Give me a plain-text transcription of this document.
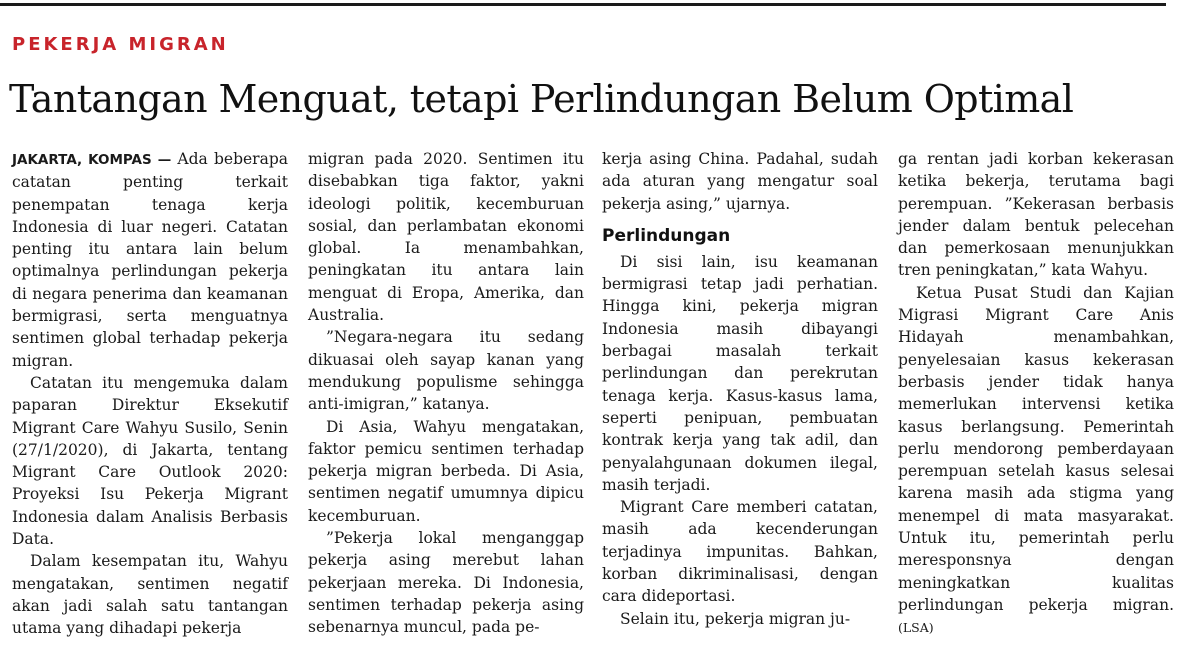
PEKERJA MIGRAN
Tantangan Menguat, tetapi Perlindungan Belum Optimal

JAKARTA, KOMPAS — Ada beberapa catatan penting terkait penempatan tenaga kerja Indonesia di luar negeri. Catatan penting itu antara lain belum optimalnya perlindungan pekerja di negara penerima dan keamanan bermigrasi, serta menguatnya sentimen global terhadap pekerja migran.

Catatan itu mengemuka dalam paparan Direktur Eksekutif Migrant Care Wahyu Susilo, Senin (27/1/2020), di Jakarta, tentang Migrant Care Outlook 2020: Proyeksi Isu Pekerja Migrant Indonesia dalam Analisis Berbasis Data.

Dalam kesempatan itu, Wahyu mengatakan, sentimen negatif akan jadi salah satu tantangan utama yang dihadapi pekerja

migran pada 2020. Sentimen itu disebabkan tiga faktor, yakni ideologi politik, kecemburuan sosial, dan perlambatan ekonomi global. Ia menambahkan, peningkatan itu antara lain menguat di Eropa, Amerika, dan Australia.

”Negara-negara itu sedang dikuasai oleh sayap kanan yang mendukung populisme sehingga anti-imigran,” katanya.

Di Asia, Wahyu mengatakan, faktor pemicu sentimen terhadap pekerja migran berbeda. Di Asia, sentimen negatif umumnya dipicu kecemburuan.

”Pekerja lokal menganggap pekerja asing merebut lahan pekerjaan mereka. Di Indonesia, sentimen terhadap pekerja asing sebenarnya muncul, pada pe-

kerja asing China. Padahal, sudah ada aturan yang mengatur soal pekerja asing,” ujarnya.

Perlindungan

Di sisi lain, isu keamanan bermigrasi tetap jadi perhatian. Hingga kini, pekerja migran Indonesia masih dibayangi berbagai masalah terkait perlindungan dan perekrutan tenaga kerja. Kasus-kasus lama, seperti penipuan, pembuatan kontrak kerja yang tak adil, dan penyalahgunaan dokumen ilegal, masih terjadi.

Migrant Care memberi catatan, masih ada kecenderungan terjadinya impunitas. Bahkan, korban dikriminalisasi, dengan cara dideportasi.

Selain itu, pekerja migran ju-

ga rentan jadi korban kekerasan ketika bekerja, terutama bagi perempuan. ”Kekerasan berbasis jender dalam bentuk pelecehan dan pemerkosaan menunjukkan tren peningkatan,” kata Wahyu.

Ketua Pusat Studi dan Kajian Migrasi Migrant Care Anis Hidayah menambahkan, penyelesaian kasus kekerasan berbasis jender tidak hanya memerlukan intervensi ketika kasus berlangsung. Pemerintah perlu mendorong pemberdayaan perempuan setelah kasus selesai karena masih ada stigma yang menempel di mata masyarakat. Untuk itu, pemerintah perlu meresponsnya dengan meningkatkan kualitas perlindungan pekerja migran. (LSA)
